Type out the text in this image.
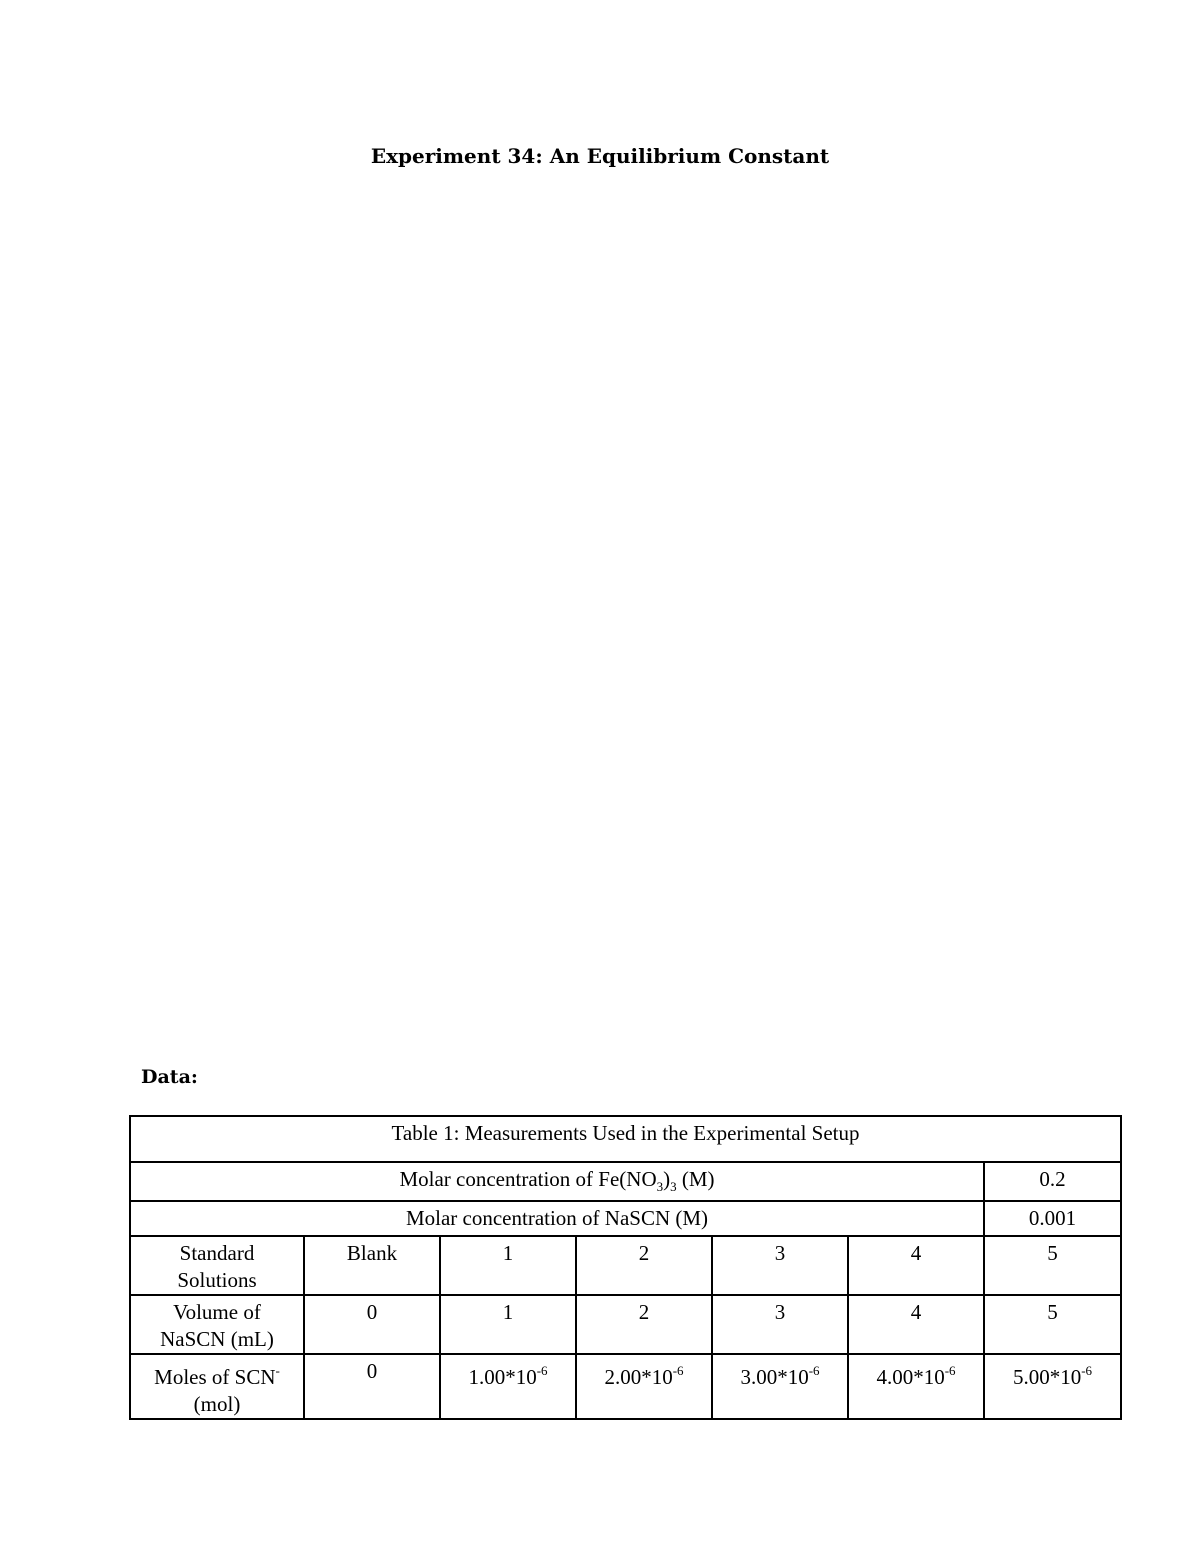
Experiment 34: An Equilibrium Constant
Data:
Table 1: Measurements Used in the Experimental Setup						
Molar concentration of $Fe(NO_3)_3$ (M)						0.2
Molar concentration of NaSCN (M)						0.001
Standard
Solutions	Blank	1	2	3	4	5
Volume of
NaSCN (mL)	0	1	2	3	4	5
Moles of SCN-
(mol)	0	$1.00*10^{-6}$	$2.00*10^{-6}$	$3.00*10^{-6}$	$4.00*10^{-6}$	$5.00*10^{-6}$
